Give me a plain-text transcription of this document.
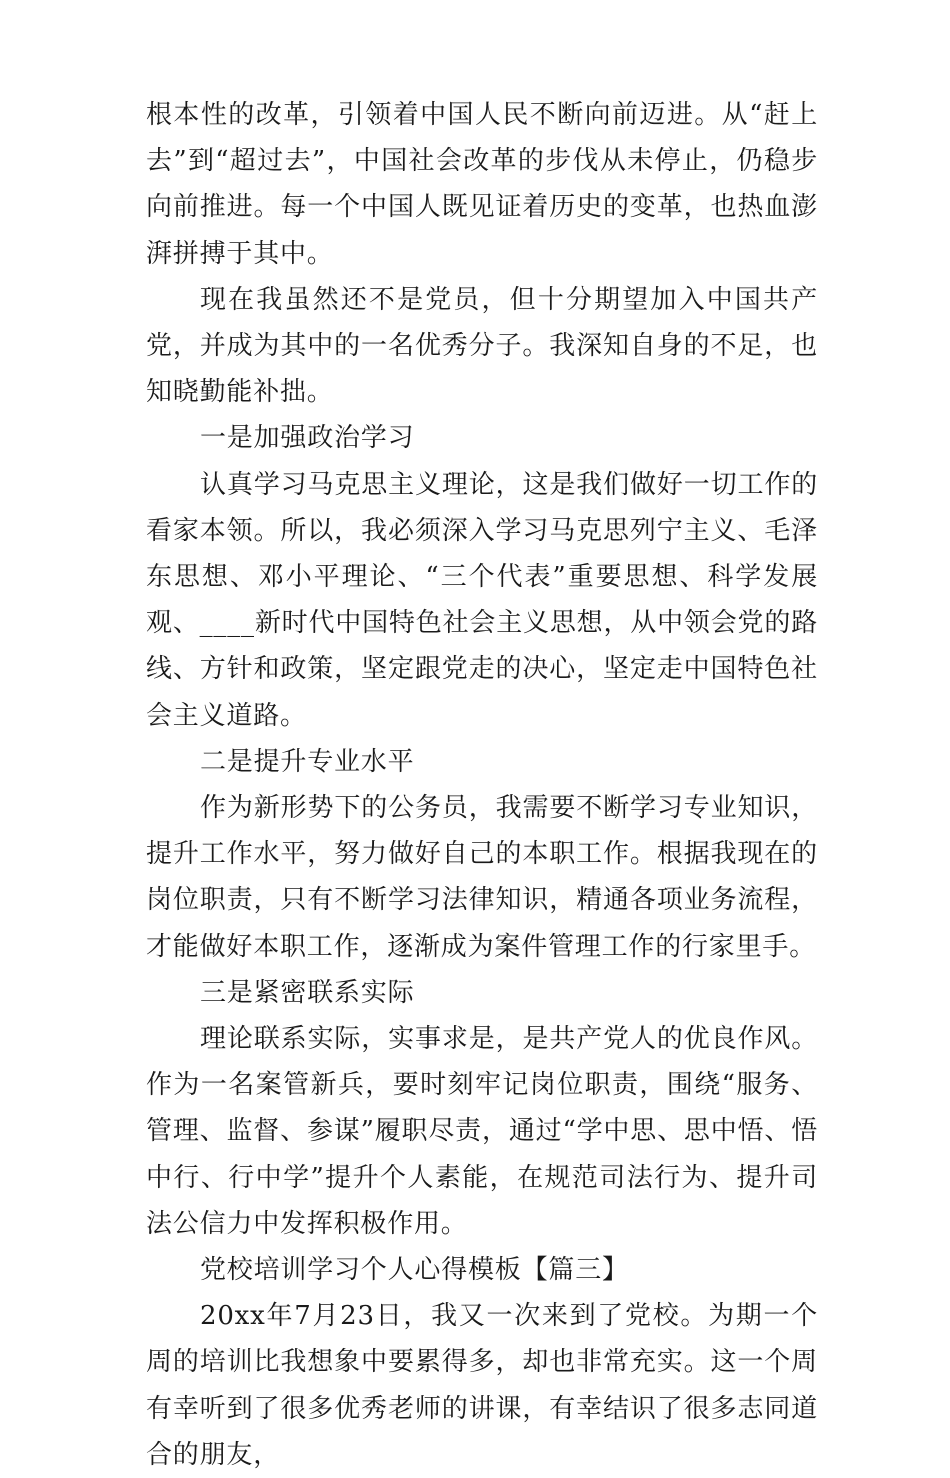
根本性的改革，引领着中国人民不断向前迈进。从“赶上去”到“超过去”，中国社会改革的步伐从未停止，仍稳步向前推进。每一个中国人既见证着历史的变革，也热血澎湃拼搏于其中。

现在我虽然还不是党员，但十分期望加入中国共产党，并成为其中的一名优秀分子。我深知自身的不足，也知晓勤能补拙。

一是加强政治学习

认真学习马克思主义理论，这是我们做好一切工作的看家本领。所以，我必须深入学习马克思列宁主义、毛泽东思想、邓小平理论、“三个代表”重要思想、科学发展观、____新时代中国特色社会主义思想，从中领会党的路线、方针和政策，坚定跟党走的决心，坚定走中国特色社会主义道路。

二是提升专业水平

作为新形势下的公务员，我需要不断学习专业知识，提升工作水平，努力做好自己的本职工作。根据我现在的岗位职责，只有不断学习法律知识，精通各项业务流程，才能做好本职工作，逐渐成为案件管理工作的行家里手。

三是紧密联系实际

理论联系实际，实事求是，是共产党人的优良作风。作为一名案管新兵，要时刻牢记岗位职责，围绕“服务、管理、监督、参谋”履职尽责，通过“学中思、思中悟、悟中行、行中学”提升个人素能，在规范司法行为、提升司法公信力中发挥积极作用。

党校培训学习个人心得模板【篇三】

20xx年7月23日，我又一次来到了党校。为期一个周的培训比我想象中要累得多，却也非常充实。这一个周有幸听到了很多优秀老师的讲课，有幸结识了很多志同道合的朋友，
